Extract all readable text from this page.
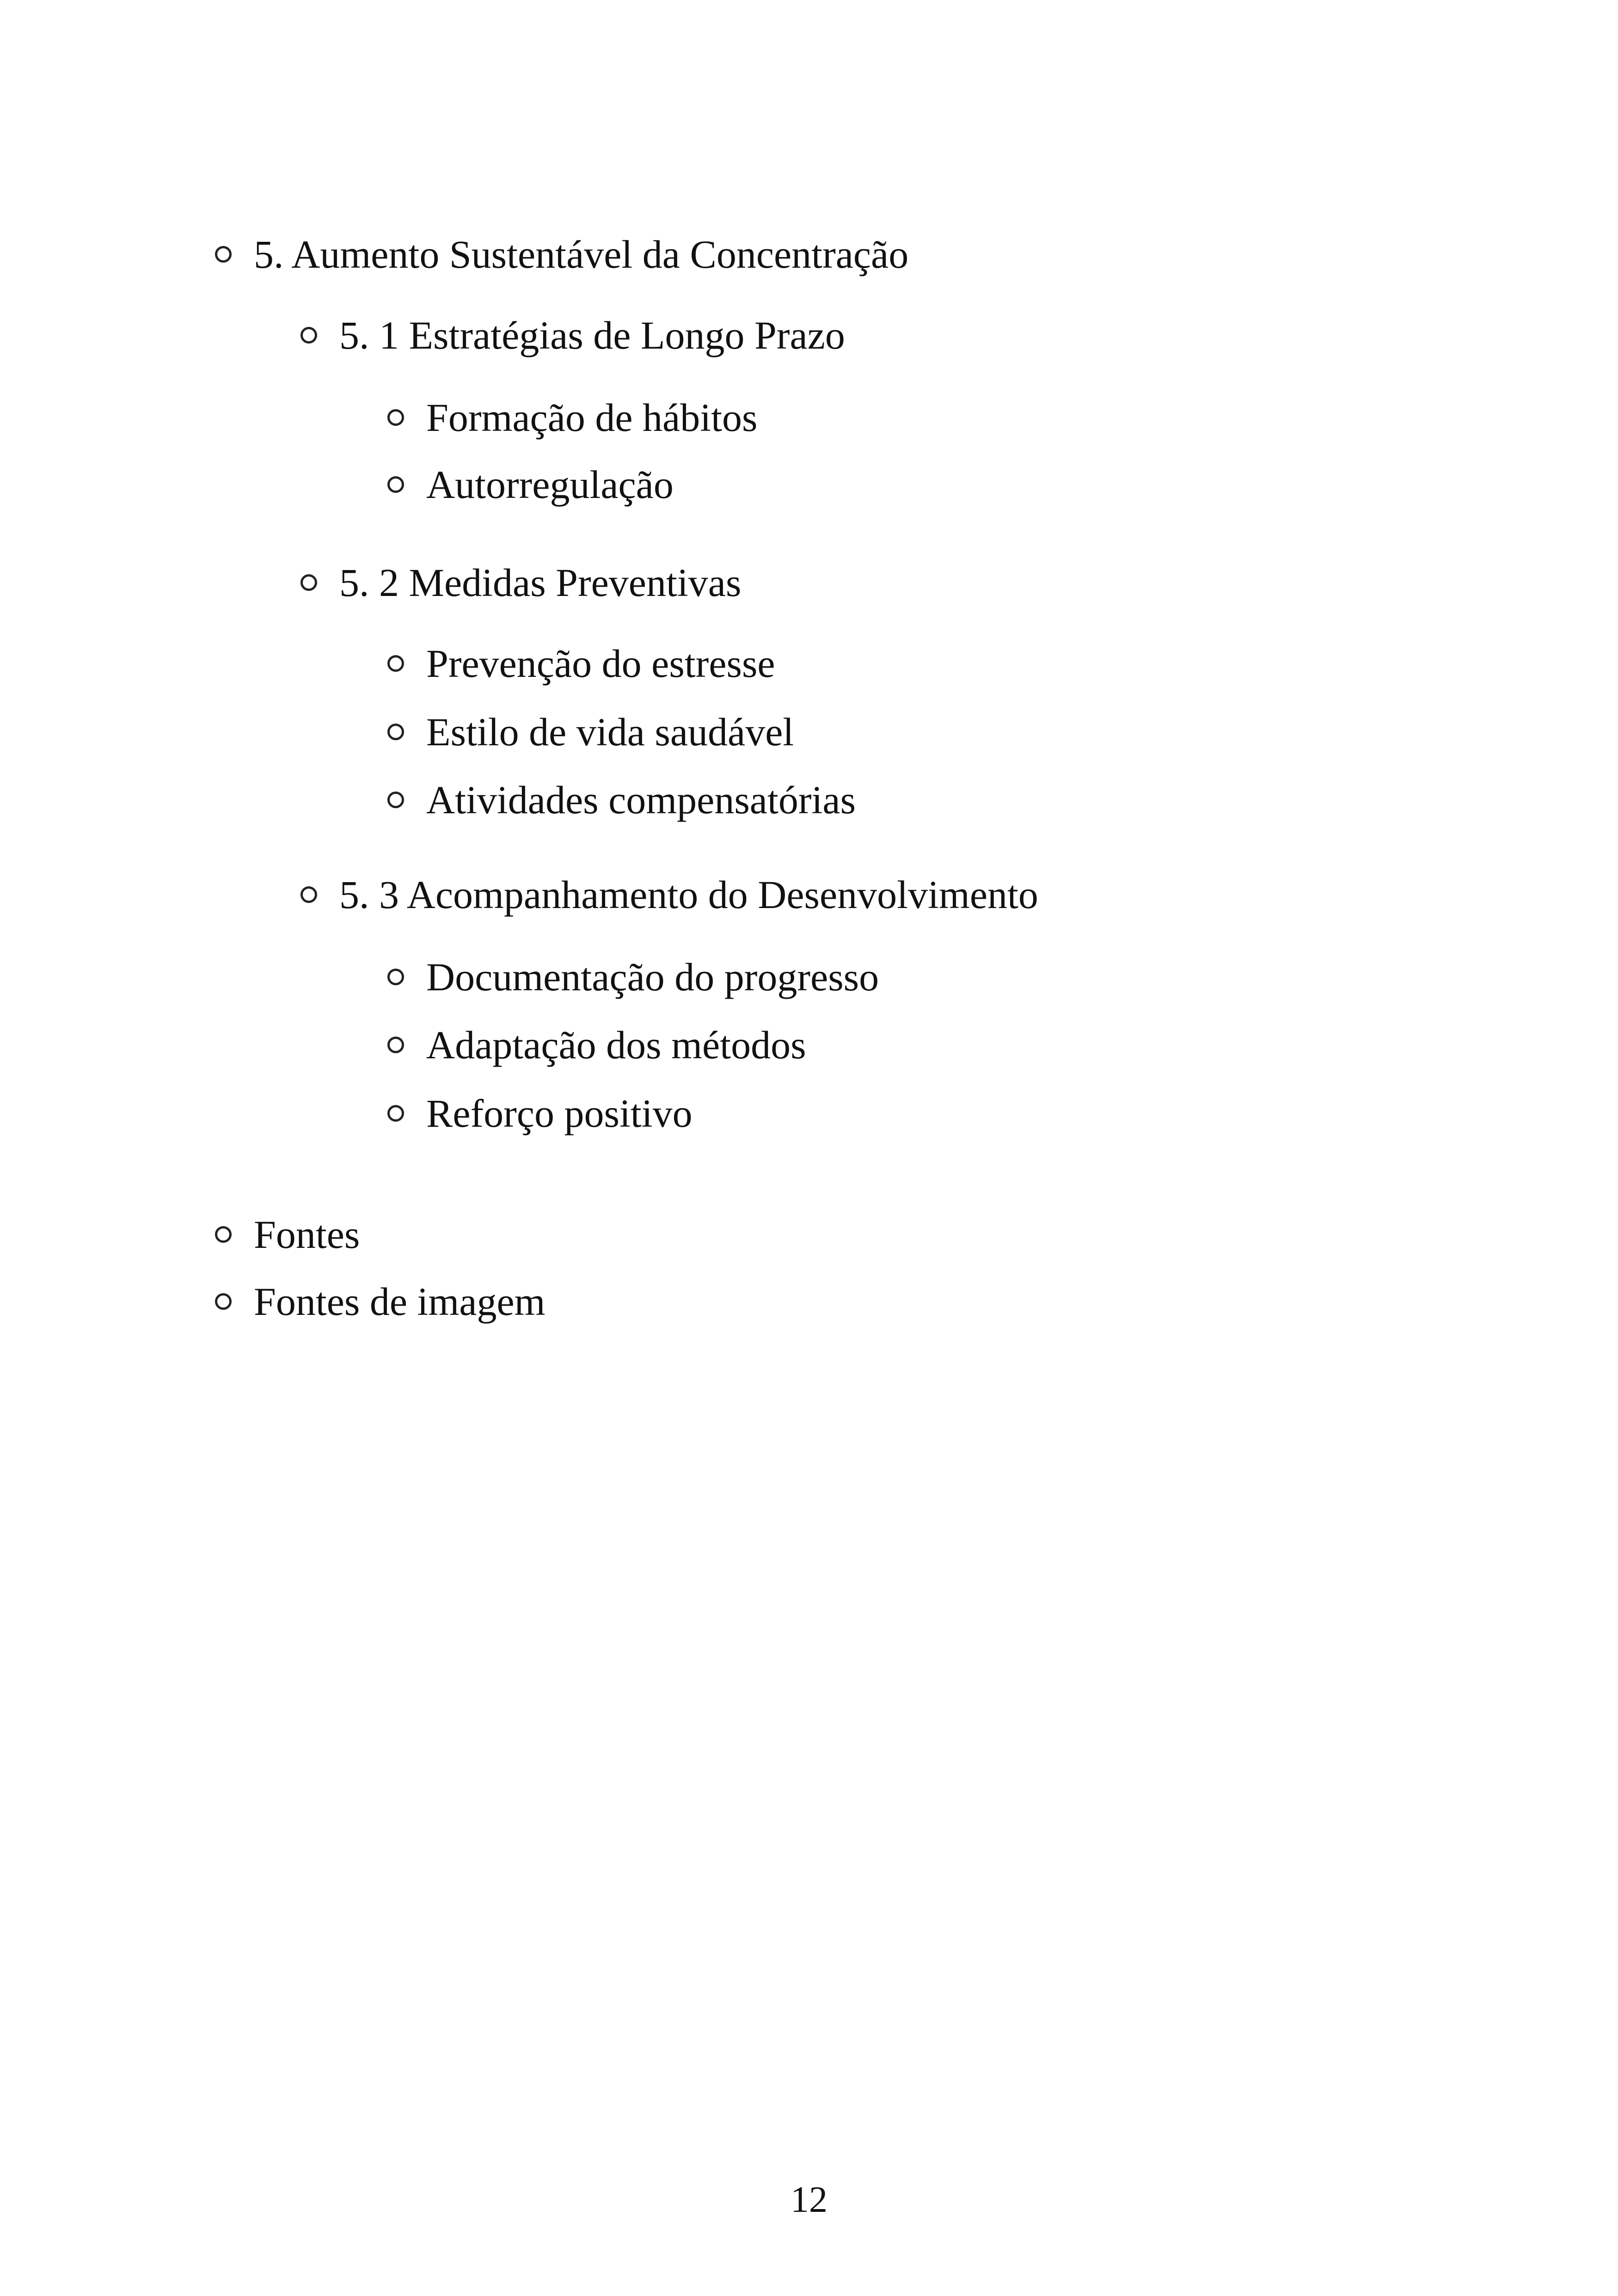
5. Aumento Sustentável da Concentração
5. 1 Estratégias de Longo Prazo
Formação de hábitos
Autorregulação
5. 2 Medidas Preventivas
Prevenção do estresse
Estilo de vida saudável
Atividades compensatórias
5. 3 Acompanhamento do Desenvolvimento
Documentação do progresso
Adaptação dos métodos
Reforço positivo
Fontes
Fontes de imagem
12
